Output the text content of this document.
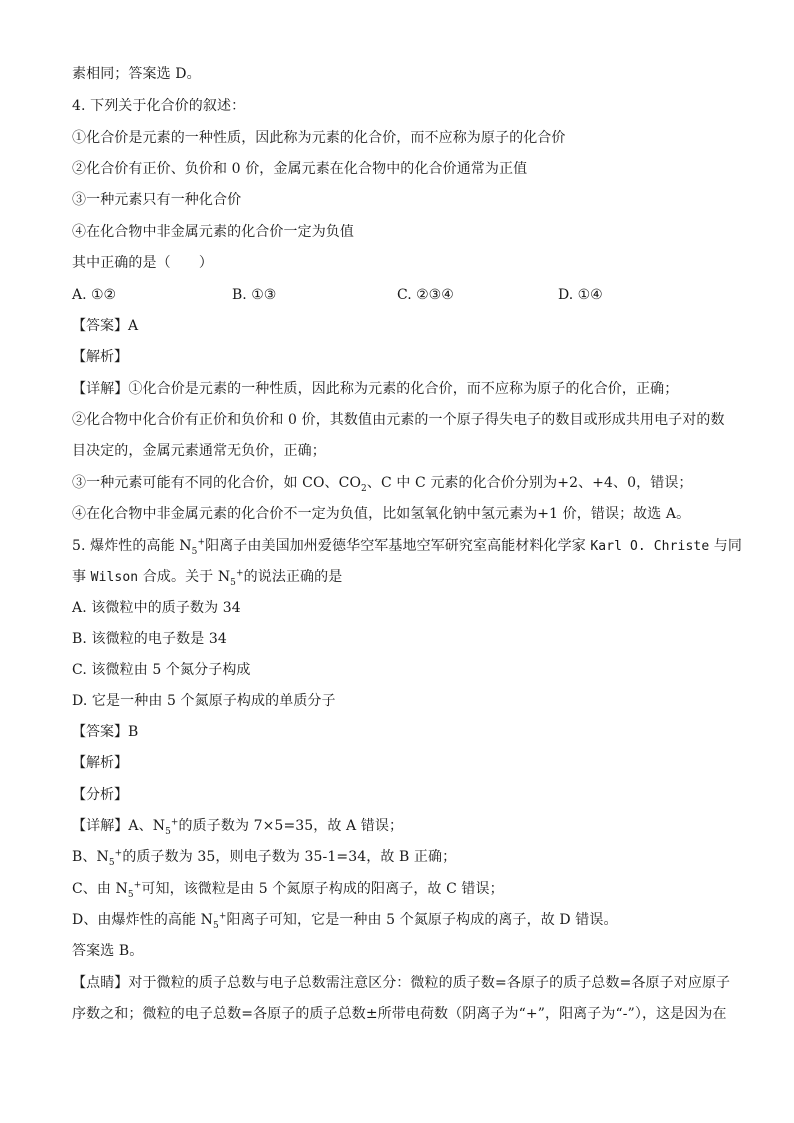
素相同；答案选 D。
4. 下列关于化合价的叙述：
①化合价是元素的一种性质，因此称为元素的化合价，而不应称为原子的化合价
②化合价有正价、负价和 0 价，金属元素在化合物中的化合价通常为正值
③一种元素只有一种化合价
④在化合物中非金属元素的化合价一定为负值
其中正确的是（　　）
A. ①②	B. ①③	C. ②③④	D. ①④
【答案】A
【解析】
【详解】①化合价是元素的一种性质，因此称为元素的化合价，而不应称为原子的化合价，正确；
②化合物中化合价有正价和负价和 0 价，其数值由元素的一个原子得失电子的数目或形成共用电子对的数
目决定的，金属元素通常无负价，正确；
③一种元素可能有不同的化合价，如 CO、$CO_2$、C 中 C 元素的化合价分别为+2、+4、0，错误；
④在化合物中非金属元素的化合价不一定为负值，比如氢氧化钠中氢元素为+1 价，错误；故选 A。
5. 爆炸性的高能 $N_5^+$阳离子由美国加州爱德华空军基地空军研究室高能材料化学家 Karl O. Christe 与同
事 Wilson 合成。关于 $N_5^+$的说法正确的是
A. 该微粒中的质子数为 34
B. 该微粒的电子数是 34
C. 该微粒由 5 个氮分子构成
D. 它是一种由 5 个氮原子构成的单质分子
【答案】B
【解析】
【分析】
【详解】A、$N_5^+$的质子数为 7×5=35，故 A 错误；
B、$N_5^+$的质子数为 35，则电子数为 35-1=34，故 B 正确；
C、由 $N_5^+$可知，该微粒是由 5 个氮原子构成的阳离子，故 C 错误；
D、由爆炸性的高能 $N_5^+$阳离子可知，它是一种由 5 个氮原子构成的离子，故 D 错误。
答案选 B。
【点睛】对于微粒的质子总数与电子总数需注意区分：微粒的质子数=各原子的质子总数=各原子对应原子
序数之和；微粒的电子总数=各原子的质子总数±所带电荷数（阴离子为“+”，阳离子为“-”），这是因为在
